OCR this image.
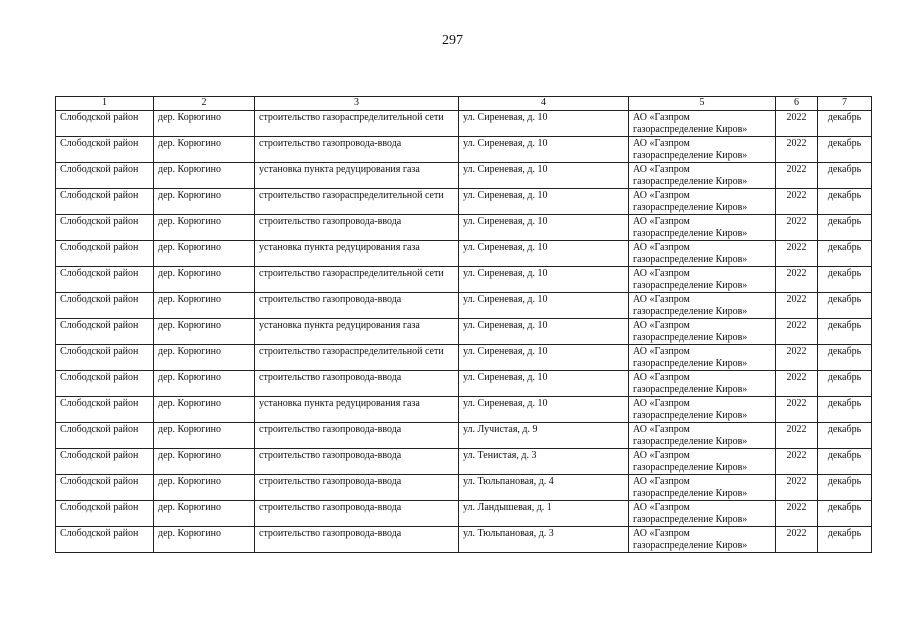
297
1	2	3	4	5	6	7
Слободской район	дер. Корюгино	строительство газораспределительной сети	ул. Сиреневая, д. 10	АО «Газпром газораспределение Киров»	2022	декабрь
Слободской район	дер. Корюгино	строительство газопровода-ввода	ул. Сиреневая, д. 10	АО «Газпром газораспределение Киров»	2022	декабрь
Слободской район	дер. Корюгино	установка пункта редуцирования газа	ул. Сиреневая, д. 10	АО «Газпром газораспределение Киров»	2022	декабрь
Слободской район	дер. Корюгино	строительство газораспределительной сети	ул. Сиреневая, д. 10	АО «Газпром газораспределение Киров»	2022	декабрь
Слободской район	дер. Корюгино	строительство газопровода-ввода	ул. Сиреневая, д. 10	АО «Газпром газораспределение Киров»	2022	декабрь
Слободской район	дер. Корюгино	установка пункта редуцирования газа	ул. Сиреневая, д. 10	АО «Газпром газораспределение Киров»	2022	декабрь
Слободской район	дер. Корюгино	строительство газораспределительной сети	ул. Сиреневая, д. 10	АО «Газпром газораспределение Киров»	2022	декабрь
Слободской район	дер. Корюгино	строительство газопровода-ввода	ул. Сиреневая, д. 10	АО «Газпром газораспределение Киров»	2022	декабрь
Слободской район	дер. Корюгино	установка пункта редуцирования газа	ул. Сиреневая, д. 10	АО «Газпром газораспределение Киров»	2022	декабрь
Слободской район	дер. Корюгино	строительство газораспределительной сети	ул. Сиреневая, д. 10	АО «Газпром газораспределение Киров»	2022	декабрь
Слободской район	дер. Корюгино	строительство газопровода-ввода	ул. Сиреневая, д. 10	АО «Газпром газораспределение Киров»	2022	декабрь
Слободской район	дер. Корюгино	установка пункта редуцирования газа	ул. Сиреневая, д. 10	АО «Газпром газораспределение Киров»	2022	декабрь
Слободской район	дер. Корюгино	строительство газопровода-ввода	ул. Лучистая, д. 9	АО «Газпром газораспределение Киров»	2022	декабрь
Слободской район	дер. Корюгино	строительство газопровода-ввода	ул. Тенистая, д. 3	АО «Газпром газораспределение Киров»	2022	декабрь
Слободской район	дер. Корюгино	строительство газопровода-ввода	ул. Тюльпановая, д. 4	АО «Газпром газораспределение Киров»	2022	декабрь
Слободской район	дер. Корюгино	строительство газопровода-ввода	ул. Ландышевая, д. 1	АО «Газпром газораспределение Киров»	2022	декабрь
Слободской район	дер. Корюгино	строительство газопровода-ввода	ул. Тюльпановая, д. 3	АО «Газпром газораспределение Киров»	2022	декабрь
